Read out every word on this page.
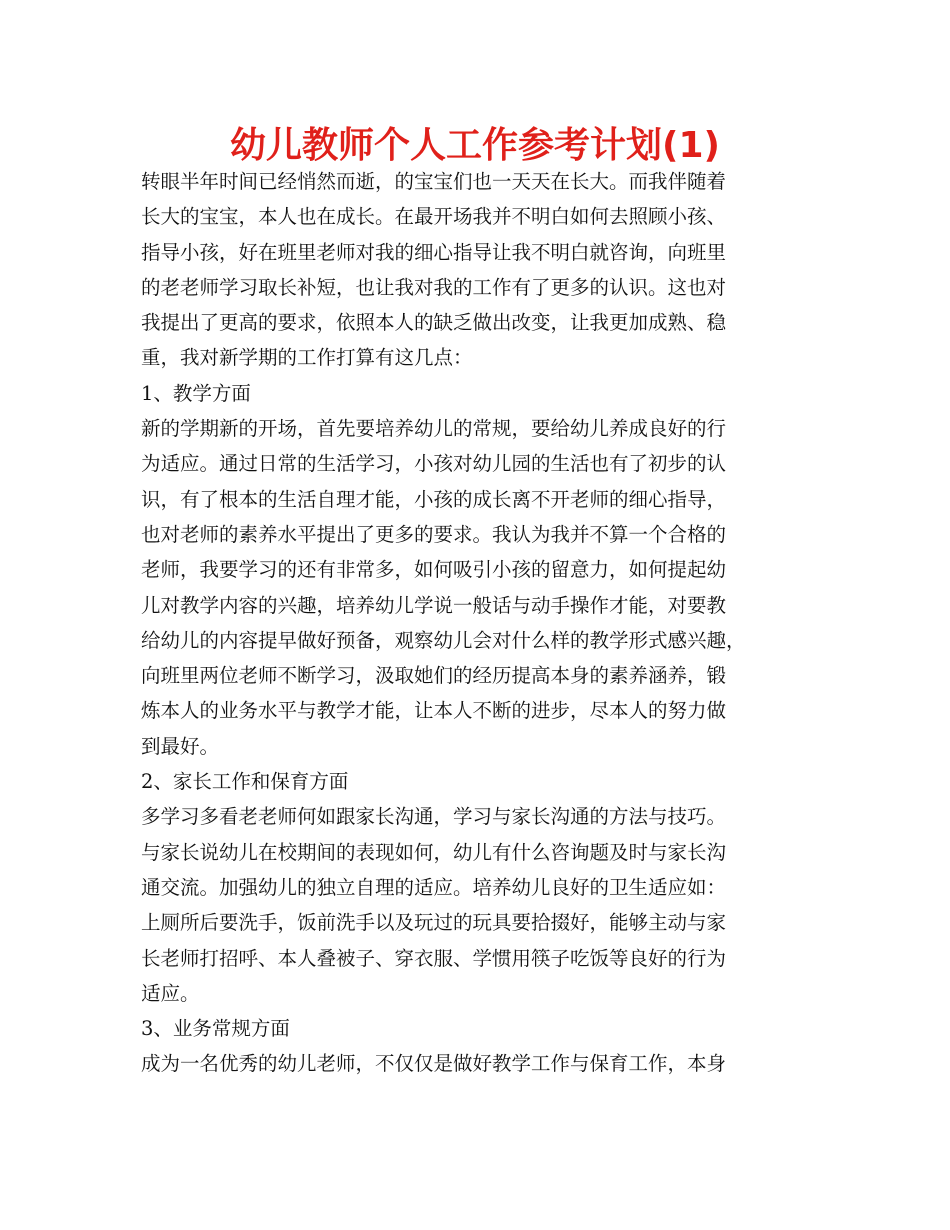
幼儿教师个人工作参考计划(1)
转眼半年时间已经悄然而逝，的宝宝们也一天天在长大。而我伴随着
长大的宝宝，本人也在成长。在最开场我并不明白如何去照顾小孩、
指导小孩，好在班里老师对我的细心指导让我不明白就咨询，向班里
的老老师学习取长补短，也让我对我的工作有了更多的认识。这也对
我提出了更高的要求，依照本人的缺乏做出改变，让我更加成熟、稳
重，我对新学期的工作打算有这几点：
1、教学方面
新的学期新的开场，首先要培养幼儿的常规，要给幼儿养成良好的行
为适应。通过日常的生活学习，小孩对幼儿园的生活也有了初步的认
识，有了根本的生活自理才能，小孩的成长离不开老师的细心指导，
也对老师的素养水平提出了更多的要求。我认为我并不算一个合格的
老师，我要学习的还有非常多，如何吸引小孩的留意力，如何提起幼
儿对教学内容的兴趣，培养幼儿学说一般话与动手操作才能，对要教
给幼儿的内容提早做好预备，观察幼儿会对什么样的教学形式感兴趣，
向班里两位老师不断学习，汲取她们的经历提高本身的素养涵养，锻
炼本人的业务水平与教学才能，让本人不断的进步，尽本人的努力做
到最好。
2、家长工作和保育方面
多学习多看老老师何如跟家长沟通，学习与家长沟通的方法与技巧。
与家长说幼儿在校期间的表现如何，幼儿有什么咨询题及时与家长沟
通交流。加强幼儿的独立自理的适应。培养幼儿良好的卫生适应如：
上厕所后要洗手，饭前洗手以及玩过的玩具要拾掇好，能够主动与家
长老师打招呼、本人叠被子、穿衣服、学惯用筷子吃饭等良好的行为
适应。
3、业务常规方面
成为一名优秀的幼儿老师，不仅仅是做好教学工作与保育工作，本身
